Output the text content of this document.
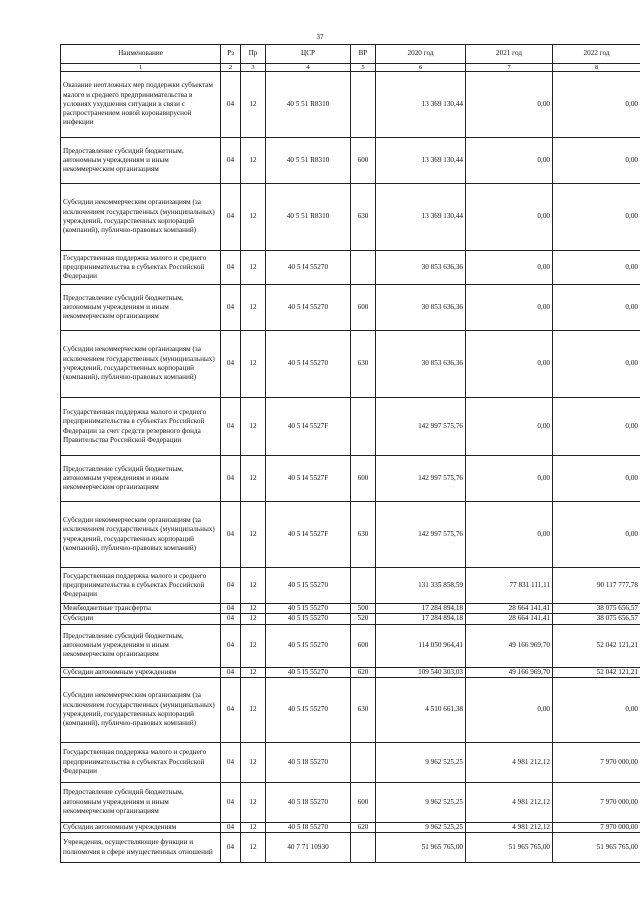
37
Наименование	Рз	Пр	ЦСР	ВР	2020 год	2021 год	2022 год
1	2	3	4	5	6	7	8
Оказание неотложных мер поддержки субъектам малого и среднего предпринимательства в условиях ухудшения ситуации в связи с распространением новой коронавирусной инфекции	04	12	40 5 51 R8310		13 369 130,44	0,00	0,00
Предоставление субсидий бюджетным, автономным учреждениям и иным некоммерческим организациям	04	12	40 5 51 R8310	600	13 369 130,44	0,00	0,00
Субсидии некоммерческим организациям (за исключением государственных (муниципальных) учреждений, государственных корпораций (компаний), публично-правовых компаний)	04	12	40 5 51 R8310	630	13 369 130,44	0,00	0,00
Государственная поддержка малого и среднего предпринимательства в субъектах Российской Федерации	04	12	40 5 I4 55270		30 853 636,36	0,00	0,00
Предоставление субсидий бюджетным, автономным учреждениям и иным некоммерческим организациям	04	12	40 5 I4 55270	600	30 853 636,36	0,00	0,00
Субсидии некоммерческим организациям (за исключением государственных (муниципальных) учреждений, государственных корпораций (компаний), публично-правовых компаний)	04	12	40 5 I4 55270	630	30 853 636,36	0,00	0,00
Государственная поддержка малого и среднего предпринимательства в субъектах Российской Федерации за счет средств резервного фонда Правительства Российской Федерации	04	12	40 5 I4 5527F		142 997 575,76	0,00	0,00
Предоставление субсидий бюджетным, автономным учреждениям и иным некоммерческим организациям	04	12	40 5 I4 5527F	600	142 997 575,76	0,00	0,00
Субсидии некоммерческим организациям (за исключением государственных (муниципальных) учреждений, государственных корпораций (компаний), публично-правовых компаний)	04	12	40 5 I4 5527F	630	142 997 575,76	0,00	0,00
Государственная поддержка малого и среднего предпринимательства в субъектах Российской Федерации	04	12	40 5 I5 55270		131 335 858,59	77 831 111,11	90 117 777,78
Межбюджетные трансферты	04	12	40 5 I5 55270	500	17 284 894,18	28 664 141,41	38 075 656,57
Субсидии	04	12	40 5 I5 55270	520	17 284 894,18	28 664 141,41	38 075 656,57
Предоставление субсидий бюджетным, автономным учреждениям и иным некоммерческим организациям	04	12	40 5 I5 55270	600	114 050 964,41	49 166 969,70	52 042 121,21
Субсидии автономным учреждениям	04	12	40 5 I5 55270	620	109 540 303,03	49 166 969,70	52 042 121,21
Субсидии некоммерческим организациям (за исключением государственных (муниципальных) учреждений, государственных корпораций (компаний), публично-правовых компаний)	04	12	40 5 I5 55270	630	4 510 661,38	0,00	0,00
Государственная поддержка малого и среднего предпринимательства в субъектах Российской Федерации	04	12	40 5 I8 55270		9 962 525,25	4 981 212,12	7 970 000,00
Предоставление субсидий бюджетным, автономным учреждениям и иным некоммерческим организациям	04	12	40 5 I8 55270	600	9 962 525,25	4 981 212,12	7 970 000,00
Субсидии автономным учреждениям	04	12	40 5 I8 55270	620	9 962 525,25	4 981 212,12	7 970 000,00
Учреждения, осуществляющие функции и полномочия в сфере имущественных отношений	04	12	40 7 71 10930		51 965 765,00	51 965 765,00	51 965 765,00
